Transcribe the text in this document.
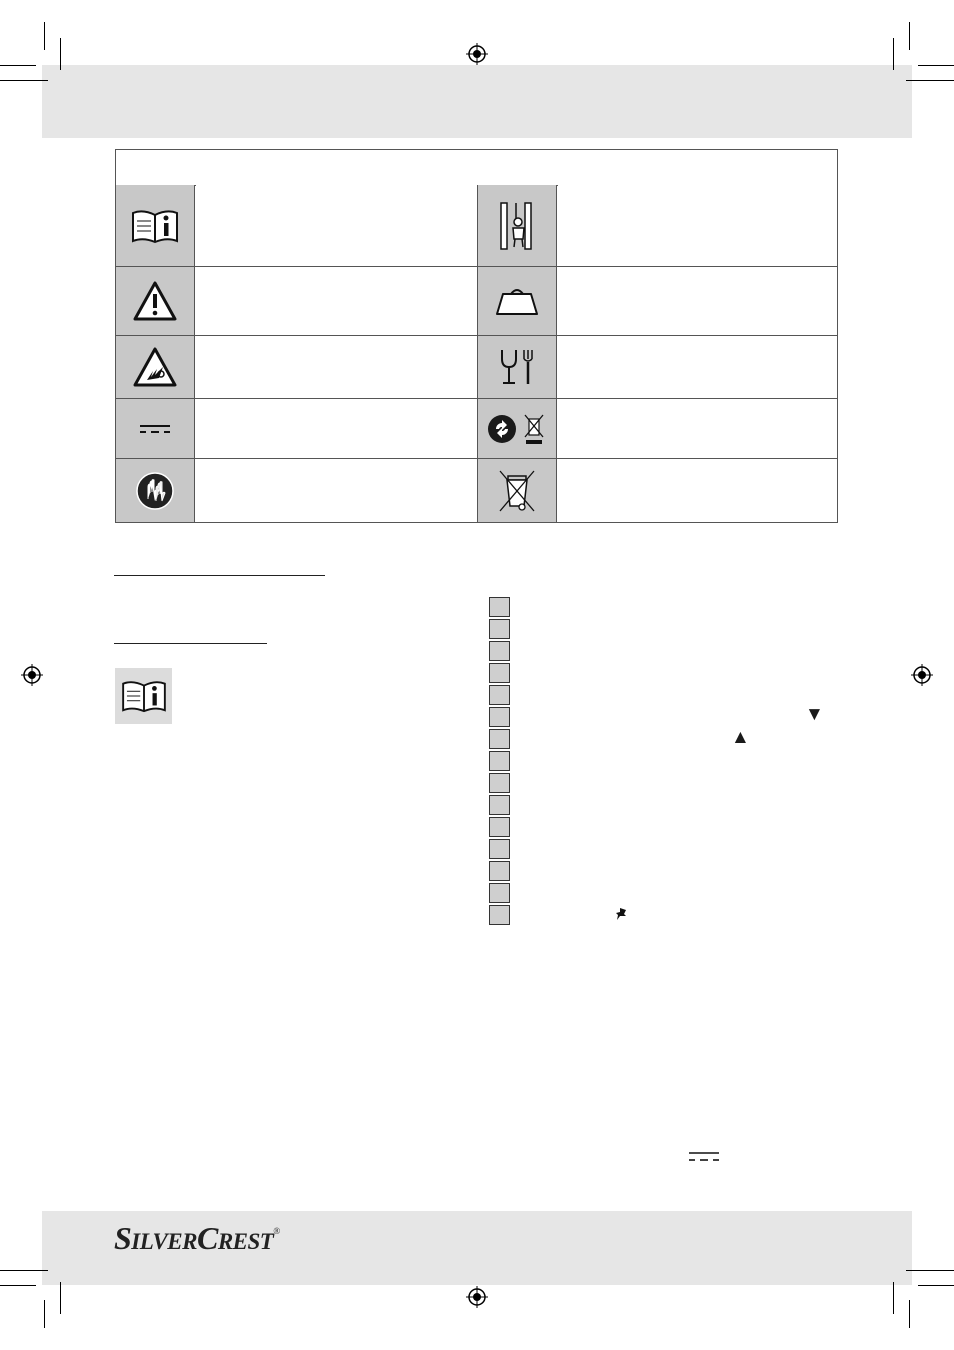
▼
▲
SILVERCREST®
